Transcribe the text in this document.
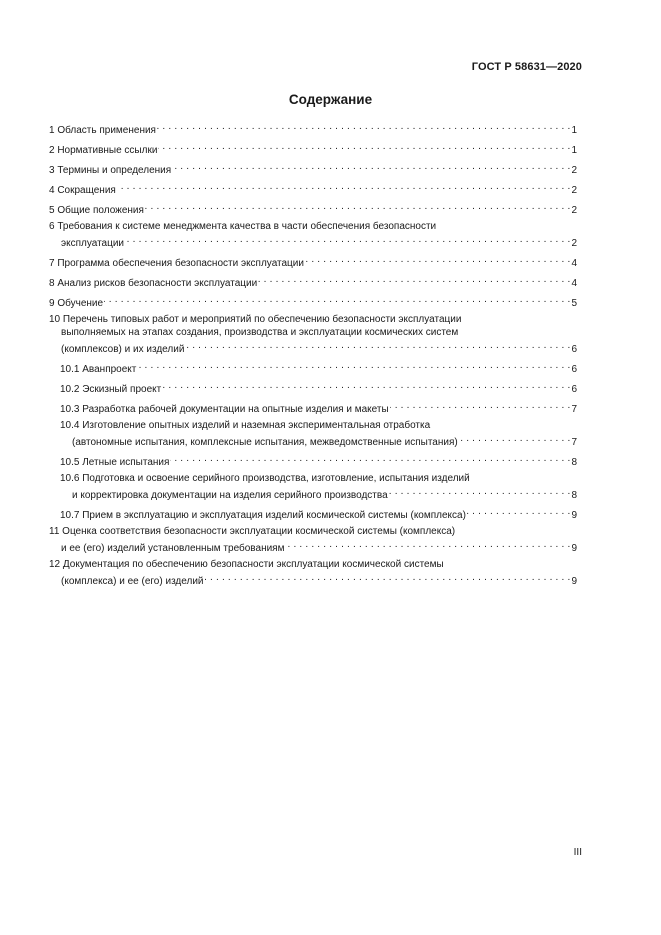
ГОСТ Р 58631—2020
Содержание
1 Область применения . . .	1
2 Нормативные ссылки . . .	1
3 Термины и определения . . .	2
4 Сокращения . . .	2
5 Общие положения . . .	2
6 Требования к системе менеджмента качества в части обеспечения безопасности
эксплуатации . . .	2
7 Программа обеспечения безопасности эксплуатации . . .	4
8 Анализ рисков безопасности эксплуатации . . .	4
9 Обучение . . .	5
10 Перечень типовых работ и мероприятий по обеспечению безопасности эксплуатации
выполняемых на этапах создания, производства и эксплуатации космических систем
(комплексов) и их изделий . . .	6
10.1 Аванпроект . . .	6
10.2 Эскизный проект . . .	6
10.3 Разработка рабочей документации на опытные изделия и макеты . . .	7
10.4 Изготовление опытных изделий и наземная экспериментальная отработка
(автономные испытания, комплексные испытания, межведомственные испытания) . . .	7
10.5 Летные испытания . . .	8
10.6 Подготовка и освоение серийного производства, изготовление, испытания изделий
и корректировка документации на изделия серийного производства . . .	8
10.7 Прием в эксплуатацию и эксплуатация изделий космической системы (комплекса) . . .	9
11 Оценка соответствия безопасности эксплуатации космической системы (комплекса)
и ее (его) изделий установленным требованиям . . .	9
12 Документация по обеспечению безопасности эксплуатации космической системы
(комплекса) и ее (его) изделий . . .	9
III
